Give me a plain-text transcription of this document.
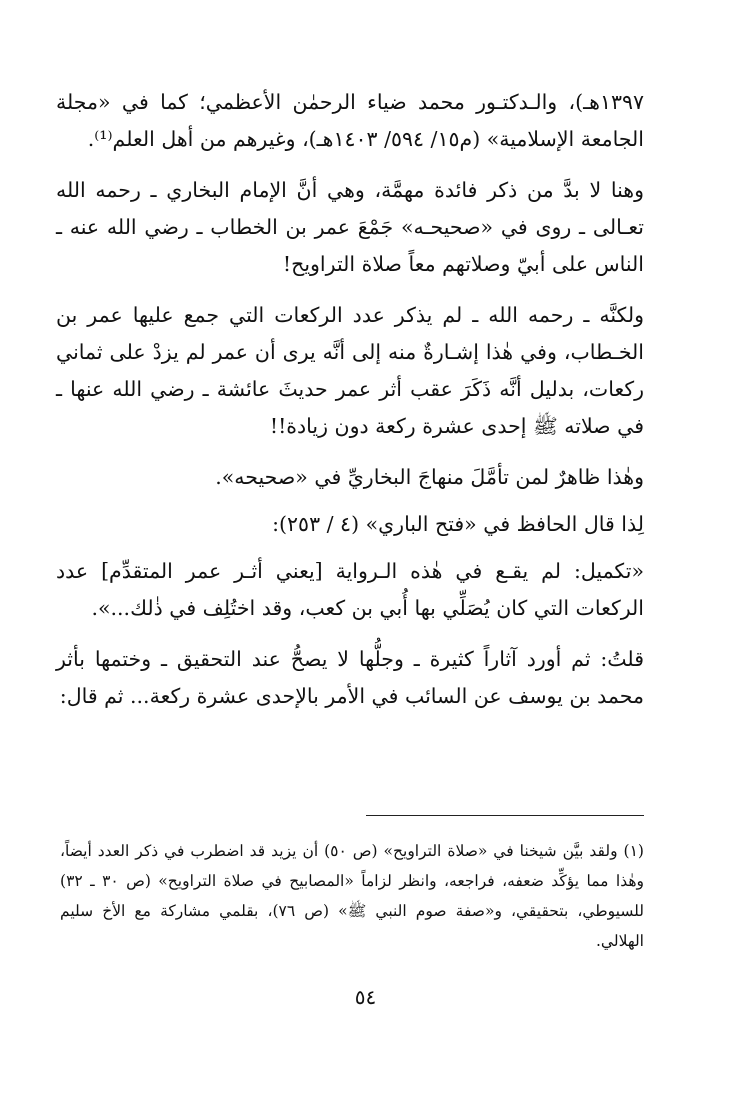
١٣٩٧هـ)، والـدكتـور محمد ضياء الرحمٰن الأعظمي؛ كما في «مجلة الجامعة الإسلامية» (م١٥/ ٥٩٤/ ١٤٠٣هـ)، وغيرهم من أهل العلم⁽¹⁾.

وهنا لا بدَّ من ذكر فائدة مهمَّة، وهي أنَّ الإمام البخاري ـ رحمه الله تعـالى ـ روى في «صحيحـه» جَمْعَ عمر بن الخطاب ـ رضي الله عنه ـ الناس على أبيّ وصلاتهم معاً صلاة التراويح!

ولكنَّه ـ رحمه الله ـ لم يذكر عدد الركعات التي جمع عليها عمر بن الخـطاب، وفي هٰذا إشـارةٌ منه إلى أنَّه يرى أن عمر لم يزدْ على ثماني ركعات، بدليل أنَّه ذَكَرَ عقب أثر عمر حديثَ عائشة ـ رضي الله عنها ـ في صلاته ﷺ إحدى عشرة ركعة دون زيادة!!

وهٰذا ظاهرٌ لمن تأمَّلَ منهاجَ البخاريِّ في «صحيحه».

لِذا قال الحافظ في «فتح الباري» (٤ / ٢٥٣):

«تكميل: لم يقـع في هٰذه الـرواية [يعني أثـر عمر المتقدِّم] عدد الركعات التي كان يُصَلِّي بها أُبي بن كعب، وقد اختُلِف في ذٰلك...».

قلتُ: ثم أورد آثاراً كثيرة ـ وجلُّها لا يصحُّ عند التحقيق ـ وختمها بأثر محمد بن يوسف عن السائب في الأمر بالإحدى عشرة ركعة... ثم قال:

(١) ولقد بيَّن شيخنا في «صلاة التراويح» (ص ٥٠) أن يزيد قد اضطرب في ذكر العدد أيضاً، وهٰذا مما يؤكِّد ضعفه، فراجعه، وانظر لزاماً «المصابيح في صلاة التراويح» (ص ٣٠ ـ ٣٢) للسيوطي، بتحقيقي، و«صفة صوم النبي ﷺ» (ص ٧٦)، بقلمي مشاركة مع الأخ سليم الهلالي.

٥٤
